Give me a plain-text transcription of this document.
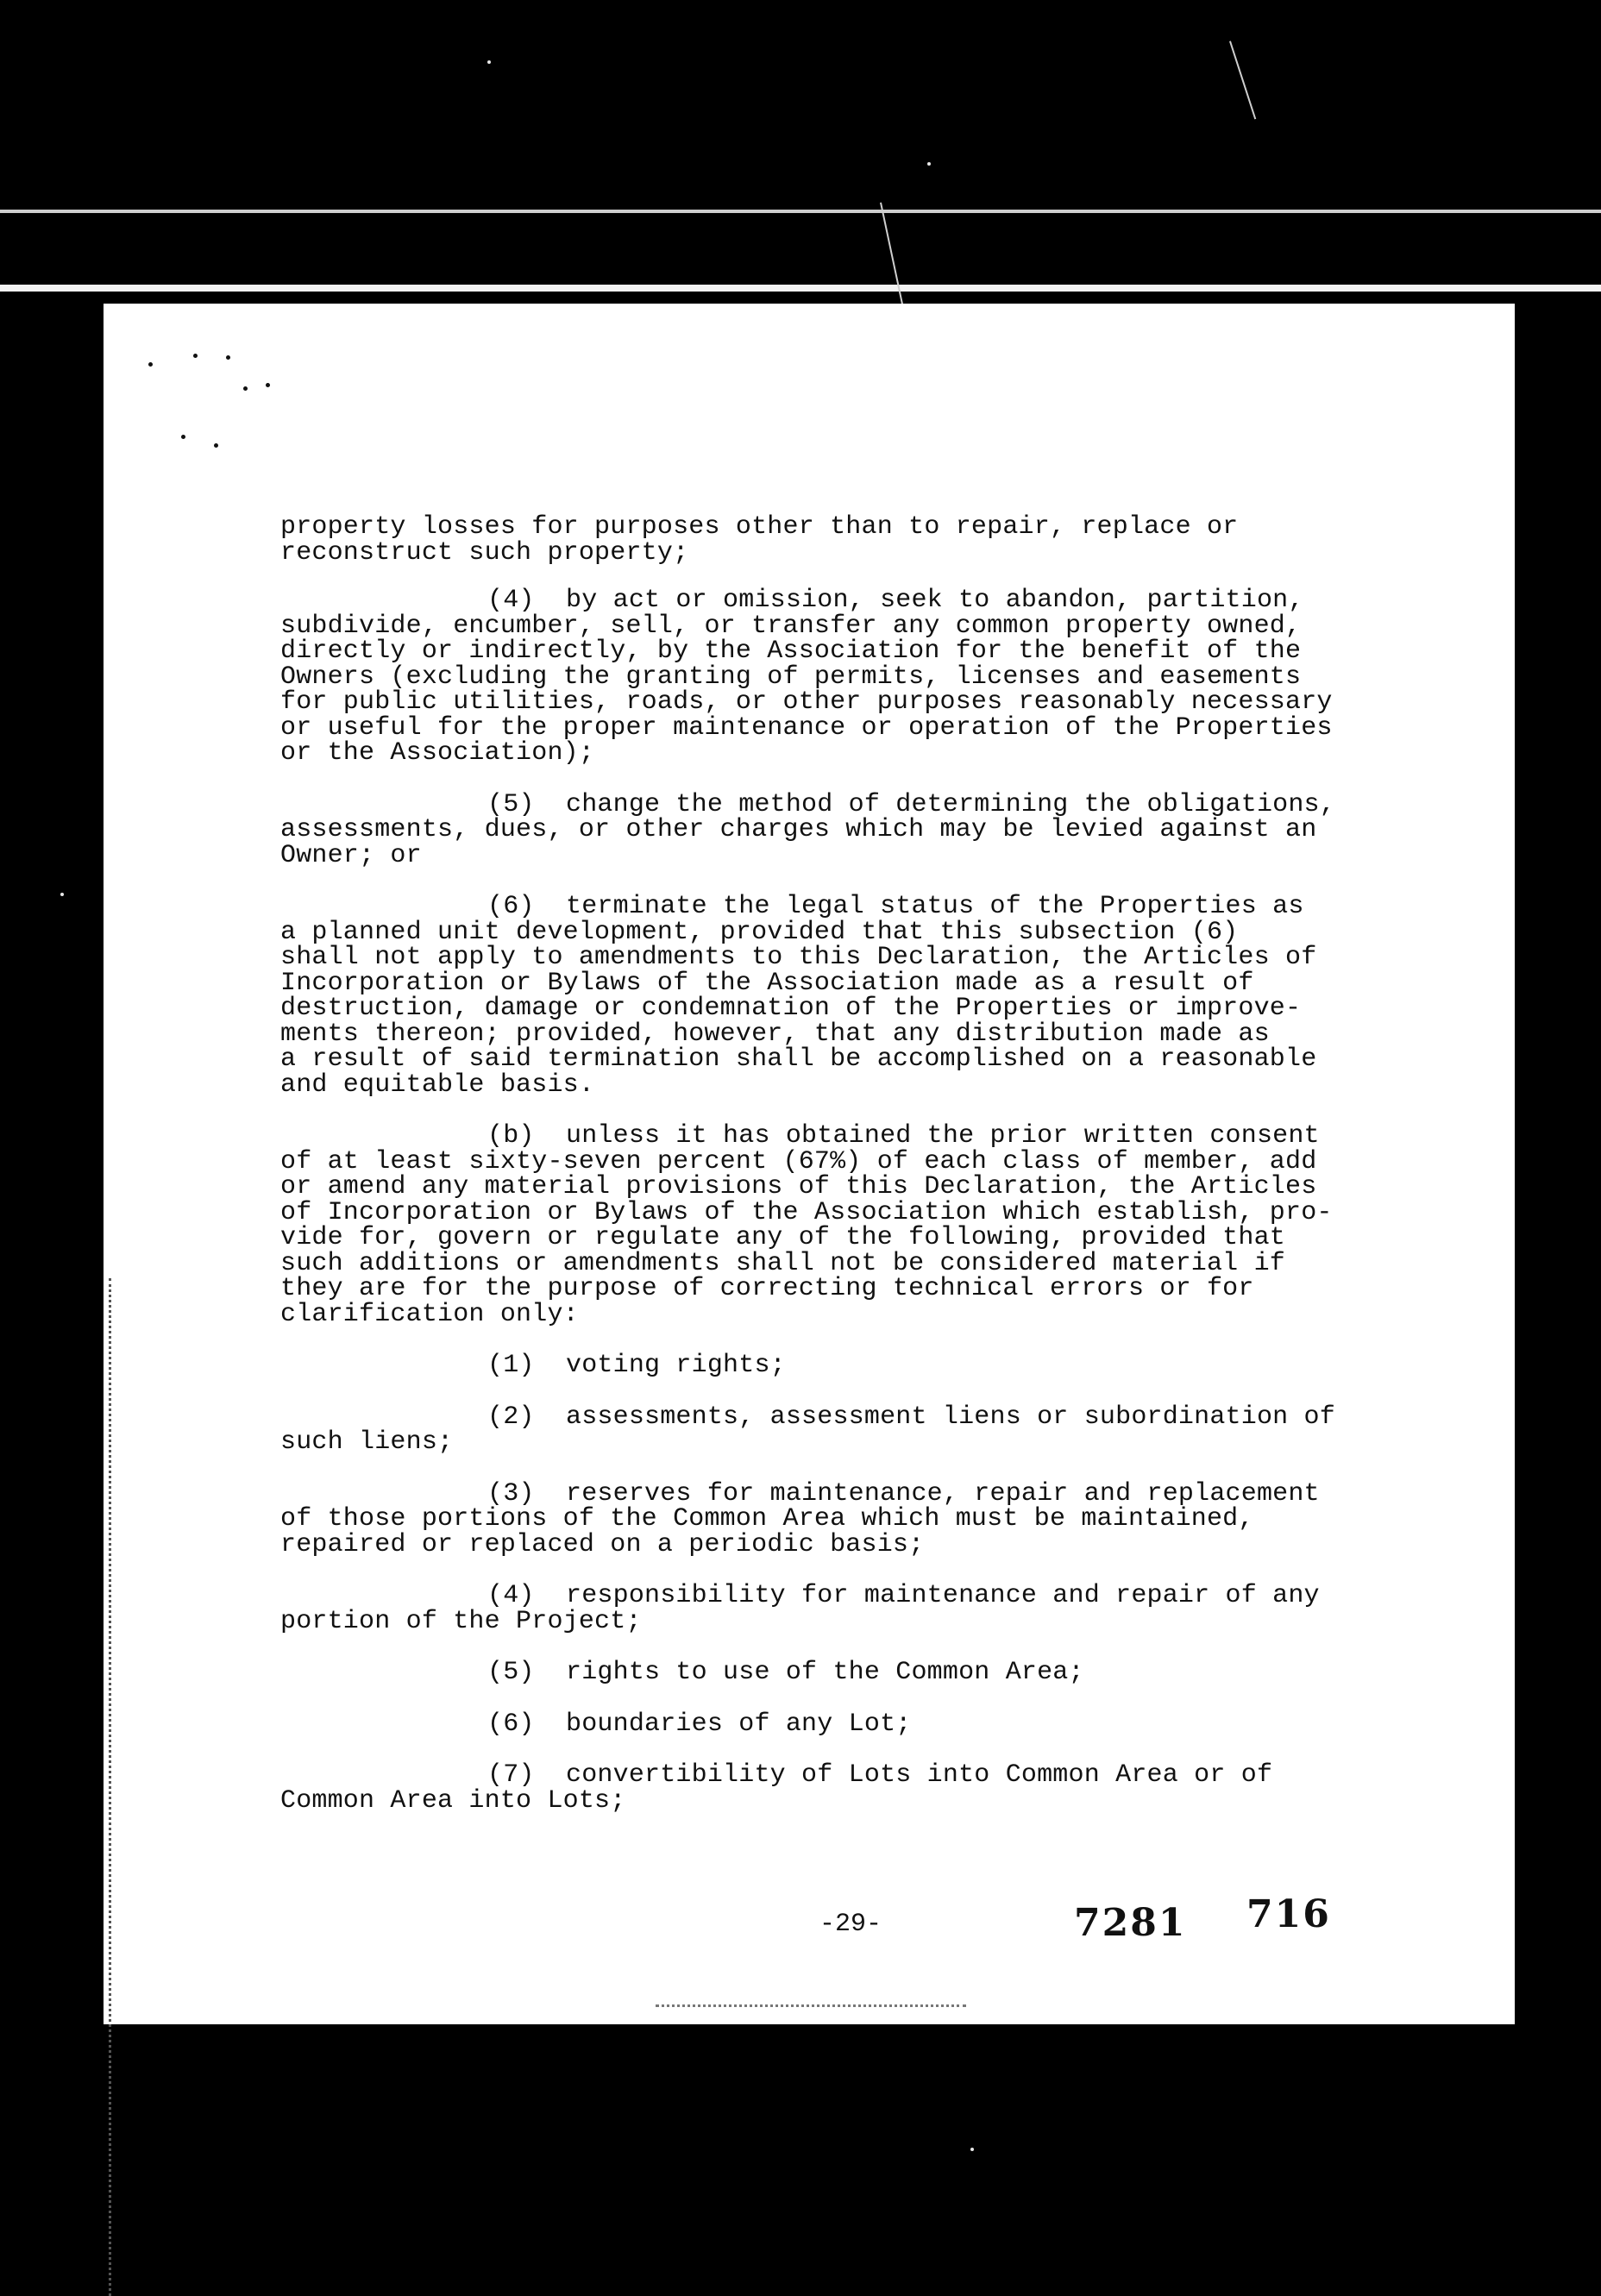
property losses for purposes other than to repair, replace or
reconstruct such property;

(4)  by act or omission, seek to abandon, partition,
subdivide, encumber, sell, or transfer any common property owned,
directly or indirectly, by the Association for the benefit of the
Owners (excluding the granting of permits, licenses and easements
for public utilities, roads, or other purposes reasonably necessary
or useful for the proper maintenance or operation of the Properties
or the Association);

(5)  change the method of determining the obligations,
assessments, dues, or other charges which may be levied against an
Owner; or

(6)  terminate the legal status of the Properties as
a planned unit development, provided that this subsection (6)
shall not apply to amendments to this Declaration, the Articles of
Incorporation or Bylaws of the Association made as a result of
destruction, damage or condemnation of the Properties or improve-
ments thereon; provided, however, that any distribution made as
a result of said termination shall be accomplished on a reasonable
and equitable basis.

(b)  unless it has obtained the prior written consent
of at least sixty-seven percent (67%) of each class of member, add
or amend any material provisions of this Declaration, the Articles
of Incorporation or Bylaws of the Association which establish, pro-
vide for, govern or regulate any of the following, provided that
such additions or amendments shall not be considered material if
they are for the purpose of correcting technical errors or for
clarification only:

(1)  voting rights;

(2)  assessments, assessment liens or subordination of
such liens;

(3)  reserves for maintenance, repair and replacement
of those portions of the Common Area which must be maintained,
repaired or replaced on a periodic basis;

(4)  responsibility for maintenance and repair of any
portion of the Project;

(5)  rights to use of the Common Area;

(6)  boundaries of any Lot;

(7)  convertibility of Lots into Common Area or of
Common Area into Lots;

-29-	7281 716
